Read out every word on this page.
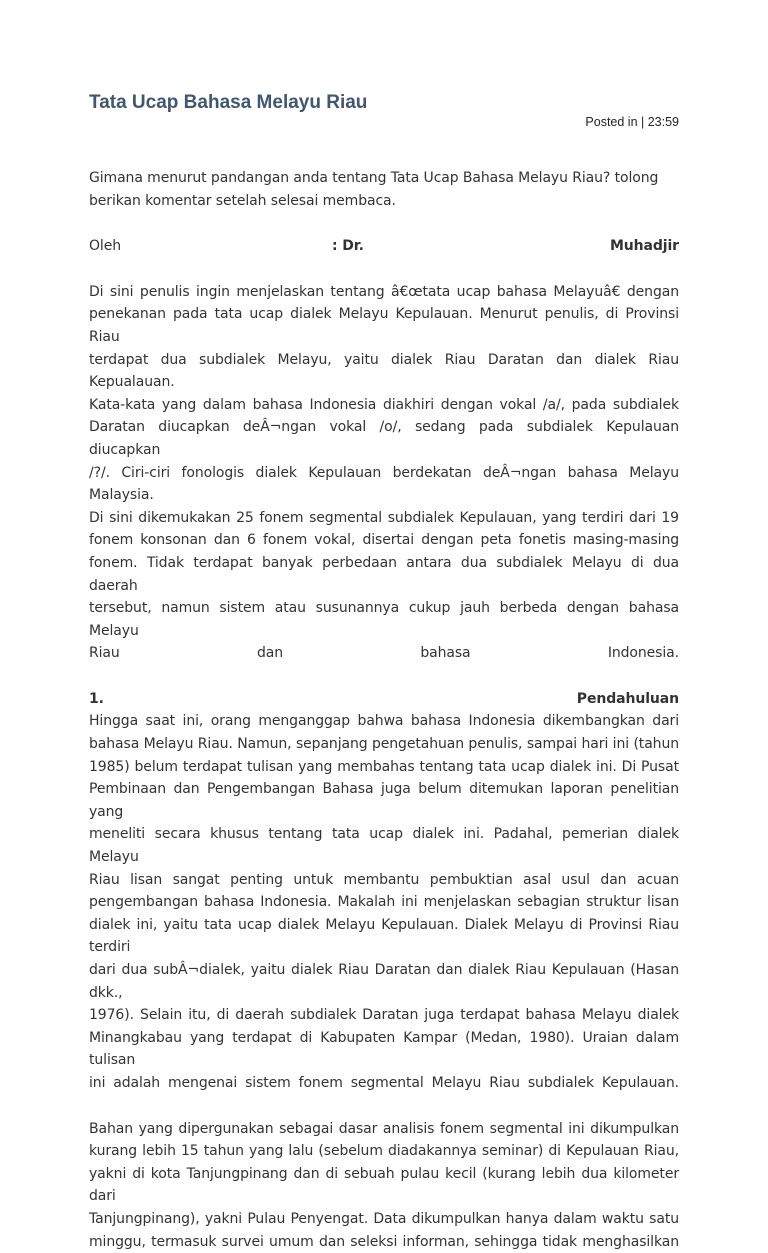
Tata Ucap Bahasa Melayu Riau
Posted in | 23:59

Gimana menurut pandangan anda tentang Tata Ucap Bahasa Melayu Riau? tolong

berikan komentar setelah selesai membaca.

Oleh	: Dr.	Muhadjir

Di sini penulis ingin menjelaskan tentang â€œtata ucap bahasa Melayuâ€ dengan

penekanan pada tata ucap dialek Melayu Kepulauan. Menurut penulis, di Provinsi Riau

terdapat dua subdialek Melayu, yaitu dialek Riau Daratan dan dialek Riau Kepualauan.

Kata-kata yang dalam bahasa Indonesia diakhiri dengan vokal /a/, pada subdialek

Daratan diucapkan deÂ¬ngan vokal /o/, sedang pada subdialek Kepulauan diucapkan

/?/. Ciri-ciri fonologis dialek Kepulauan berdekatan deÂ¬ngan bahasa Melayu Malaysia.

Di sini dikemukakan 25 fonem segmental subdialek Kepulauan, yang terdiri dari 19

fonem konsonan dan 6 fonem vokal, disertai dengan peta fonetis masing-masing

fonem. Tidak terdapat banyak perbedaan antara dua subdialek Melayu di dua daerah

tersebut, namun sistem atau susunannya cukup jauh berbeda dengan bahasa Melayu

Riau dan bahasa Indonesia.

1.	Pendahuluan

Hingga saat ini, orang menganggap bahwa bahasa Indonesia dikembangkan dari

bahasa Melayu Riau. Namun, sepanjang pengetahuan penulis, sampai hari ini (tahun

1985) belum terdapat tulisan yang membahas tentang tata ucap dialek ini. Di Pusat

Pembinaan dan Pengembangan Bahasa juga belum ditemukan laporan penelitian yang

meneliti secara khusus tentang tata ucap dialek ini. Padahal, pemerian dialek Melayu

Riau lisan sangat penting untuk membantu pembuktian asal usul dan acuan

pengembangan bahasa Indonesia. Makalah ini menjelaskan sebagian struktur lisan

dialek ini, yaitu tata ucap dialek Melayu Kepulauan. Dialek Melayu di Provinsi Riau terdiri

dari dua subÂ¬dialek, yaitu dialek Riau Daratan dan dialek Riau Kepulauan (Hasan dkk.,

1976). Selain itu, di daerah subdialek Daratan juga terdapat bahasa Melayu dialek

Minangkabau yang terdapat di Kabupaten Kampar (Medan, 1980). Uraian dalam tulisan

ini adalah mengenai sistem fonem segmental Melayu Riau subdialek Kepulauan.

Bahan yang dipergunakan sebagai dasar analisis fonem segmental ini dikumpulkan

kurang lebih 15 tahun yang lalu (sebelum diadakannya seminar) di Kepulauan Riau,

yakni di kota Tanjungpinang dan di sebuah pulau kecil (kurang lebih dua kilometer dari

Tanjungpinang), yakni Pulau Penyengat. Data dikumpulkan hanya dalam waktu satu

minggu, termasuk survei umum dan seleksi informan, sehingga tidak menghasilkan
